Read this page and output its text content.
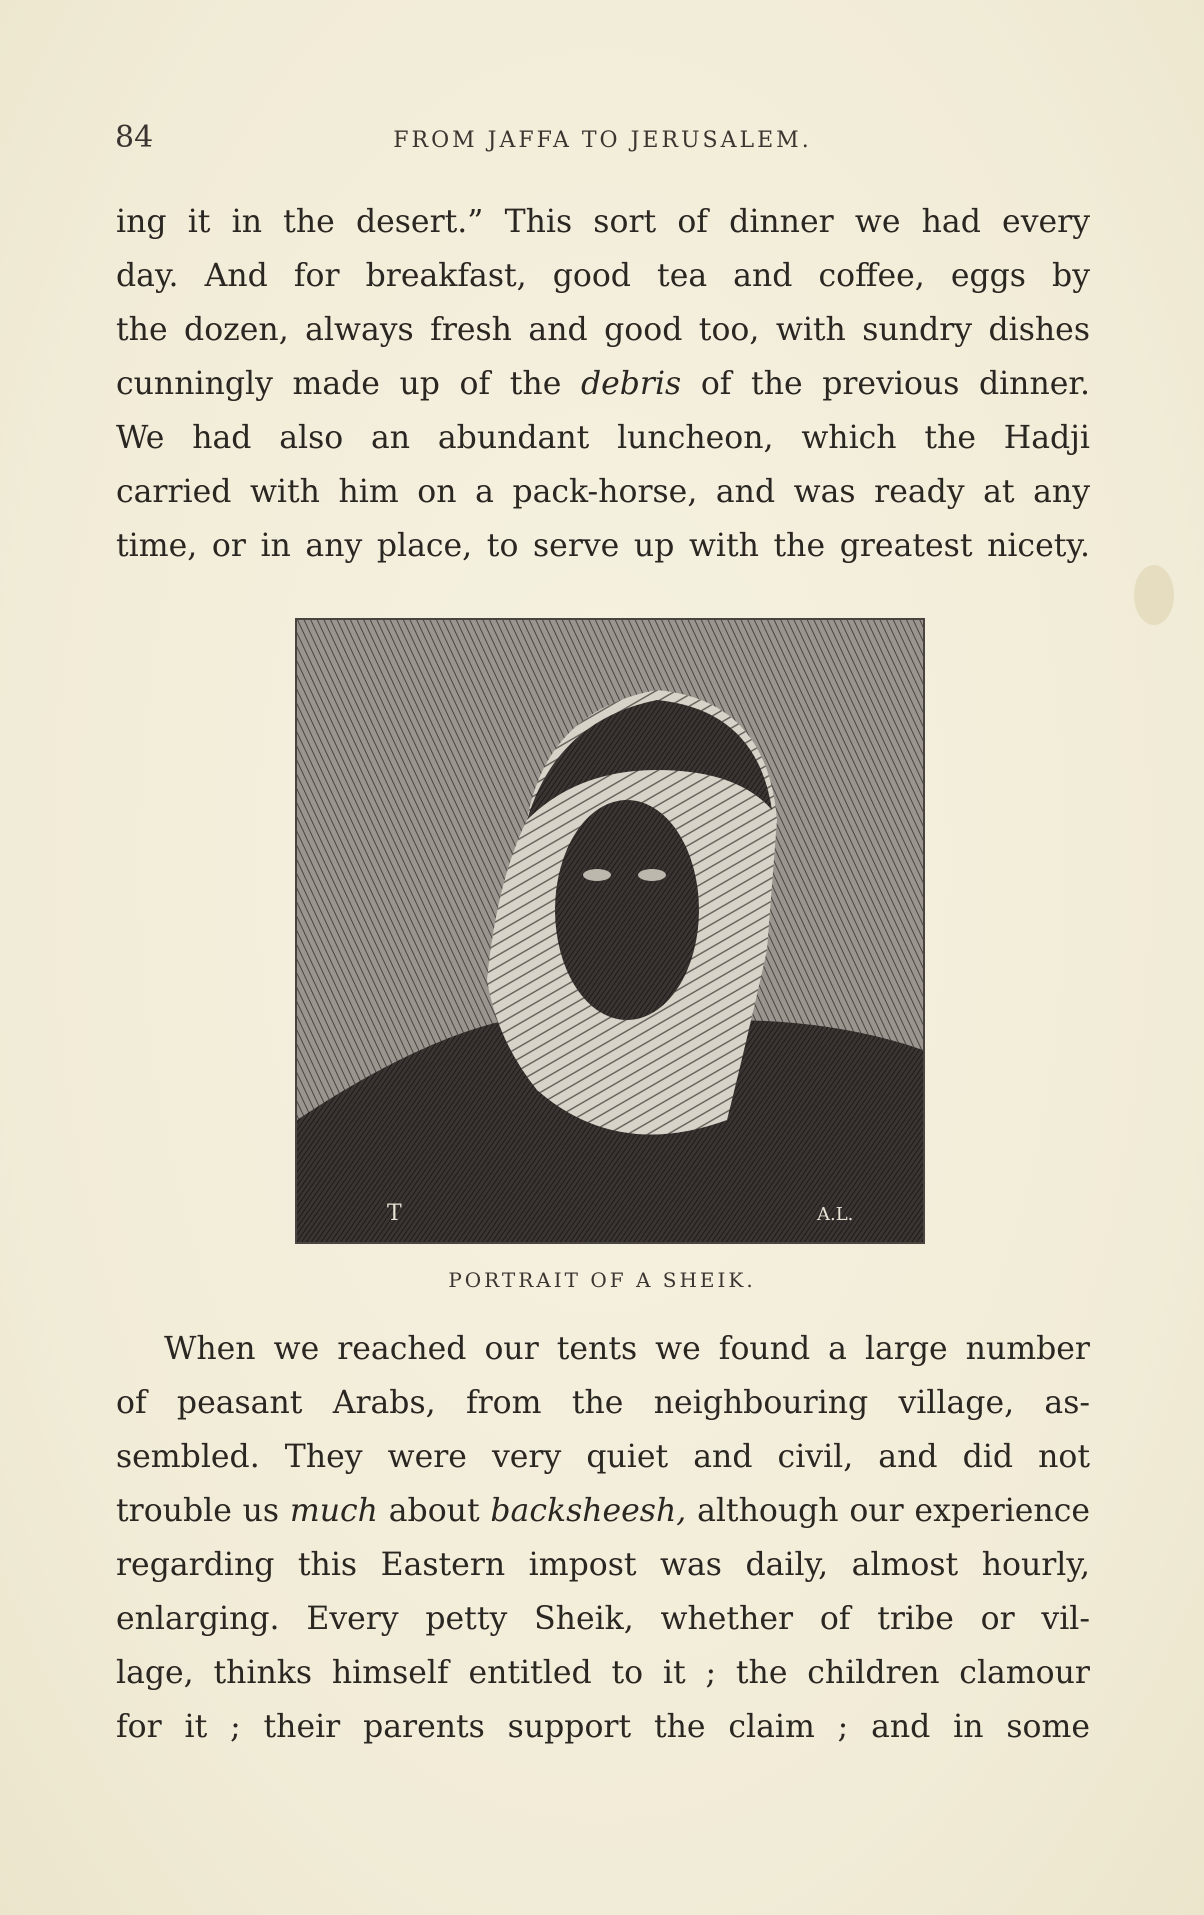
84	FROM JAFFA TO JERUSALEM.
ing it in the desert.” This sort of dinner we had every
day. And for breakfast, good tea and coffee, eggs by
the dozen, always fresh and good too, with sundry dishes
cunningly made up of the debris of the previous dinner.
We had also an abundant luncheon, which the Hadji
carried with him on a pack-horse, and was ready at any
time, or in any place, to serve up with the greatest nicety.
T	A.L.
PORTRAIT OF A SHEIK.
When we reached our tents we found a large number
of peasant Arabs, from the neighbouring village, as-
sembled. They were very quiet and civil, and did not
trouble us much about backsheesh, although our experience
regarding this Eastern impost was daily, almost hourly,
enlarging. Every petty Sheik, whether of tribe or vil-
lage, thinks himself entitled to it ; the children clamour
for it ; their parents support the claim ; and in some
